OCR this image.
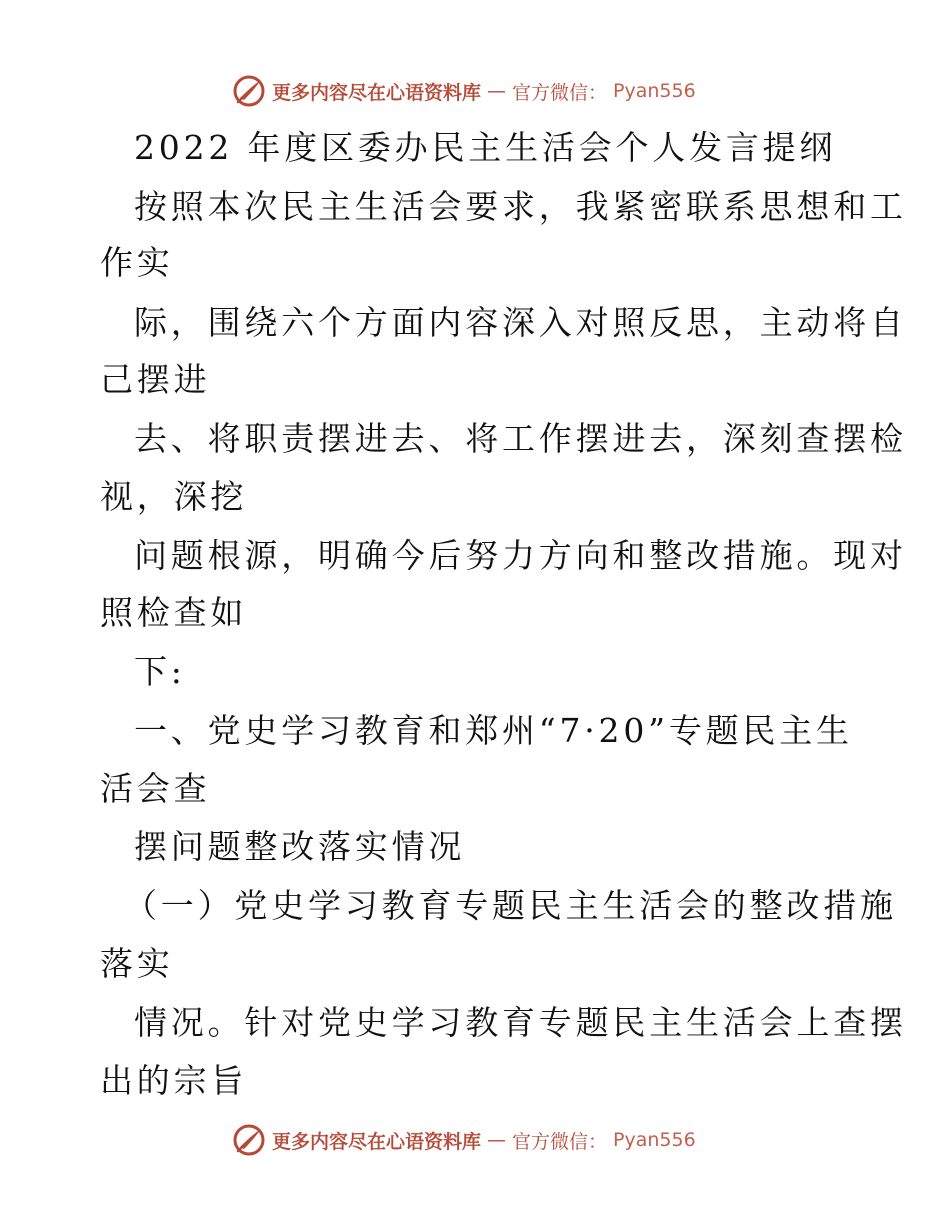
更多内容尽在心语资料库 — 官方微信： Pyan556
2022 年度区委办民主生活会个人发言提纲
按照本次民主生活会要求，我紧密联系思想和工
作实
际，围绕六个方面内容深入对照反思，主动将自
己摆进
去、将职责摆进去、将工作摆进去，深刻查摆检
视，深挖
问题根源，明确今后努力方向和整改措施。现对
照检查如
下:
一、党史学习教育和郑州“7·20”专题民主生
活会查
摆问题整改落实情况
（一）党史学习教育专题民主生活会的整改措施
落实
情况。针对党史学习教育专题民主生活会上查摆
出的宗旨
更多内容尽在心语资料库 — 官方微信： Pyan556
